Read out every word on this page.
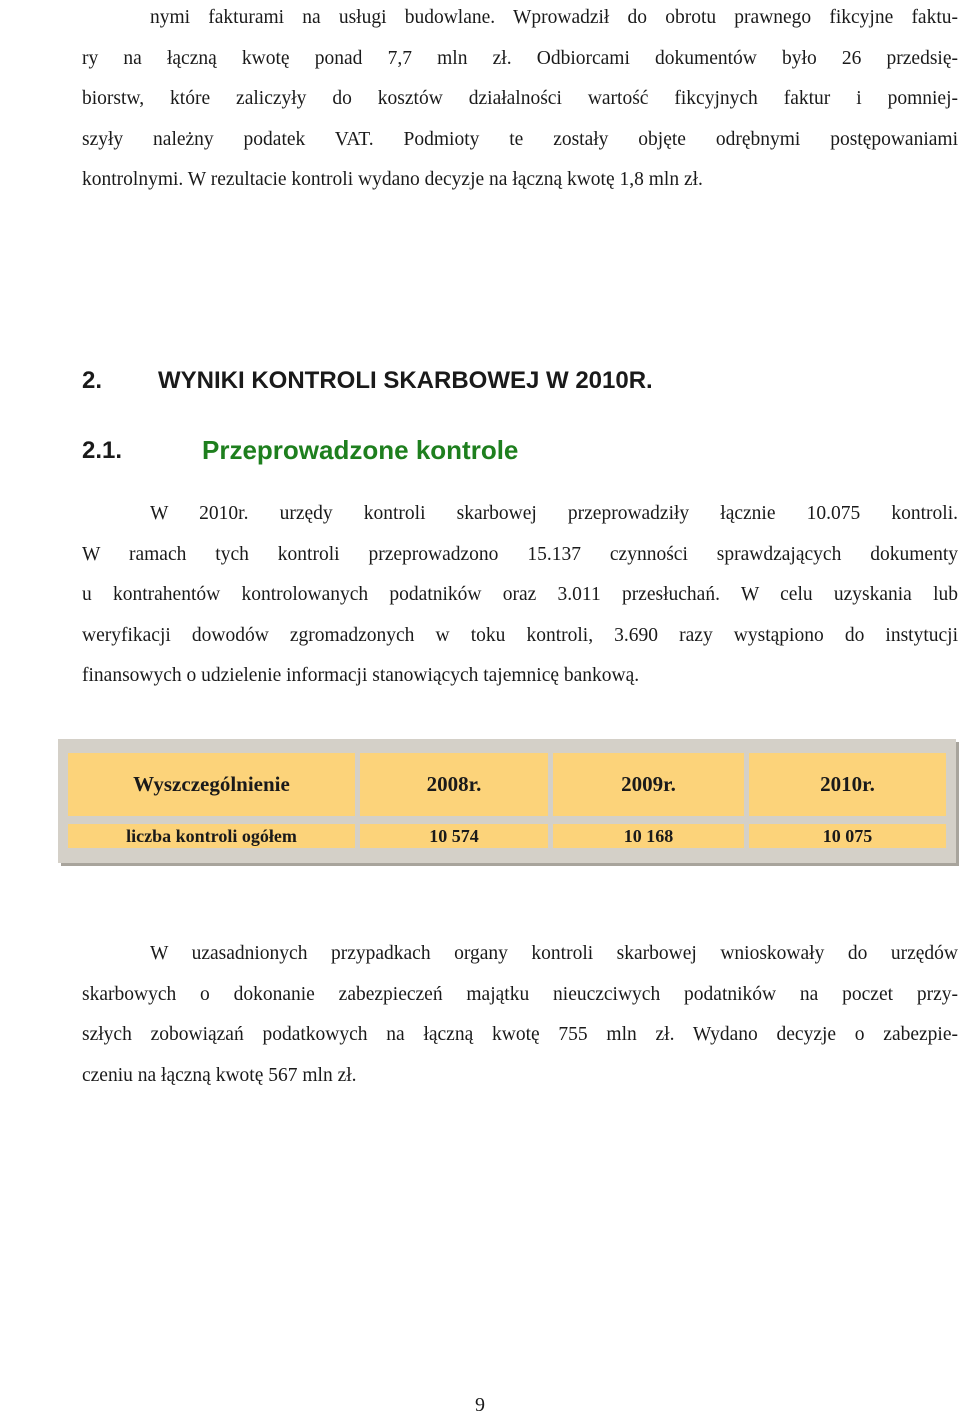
nymi fakturami na usługi budowlane. Wprowadził do obrotu prawnego fikcyjne faktu-
ry na łączną kwotę ponad 7,7 mln zł. Odbiorcami dokumentów było 26 przedsię-
biorstw, które zaliczyły do kosztów działalności wartość fikcyjnych faktur i pomniej-
szyły należny podatek VAT. Podmioty te zostały objęte odrębnymi postępowaniami
kontrolnymi. W rezultacie kontroli wydano decyzje na łączną kwotę 1,8 mln zł.
2. WYNIKI KONTROLI SKARBOWEJ W 2010R.
2.1.	Przeprowadzone kontrole
W 2010r. urzędy kontroli skarbowej przeprowadziły łącznie 10.075 kontroli.
W ramach tych kontroli przeprowadzono 15.137 czynności sprawdzających dokumenty
u kontrahentów kontrolowanych podatników oraz 3.011 przesłuchań. W celu uzyskania lub
weryfikacji dowodów zgromadzonych w toku kontroli, 3.690 razy wystąpiono do instytucji
finansowych o udzielenie informacji stanowiących tajemnicę bankową.
Wyszczególnienie	2008r.	2009r.	2010r.
liczba kontroli ogółem	10 574	10 168	10 075
W uzasadnionych przypadkach organy kontroli skarbowej wnioskowały do urzędów
skarbowych o dokonanie zabezpieczeń majątku nieuczciwych podatników na poczet przy-
szłych zobowiązań podatkowych na łączną kwotę 755 mln zł. Wydano decyzje o zabezpie-
czeniu na łączną kwotę 567 mln zł.

9
